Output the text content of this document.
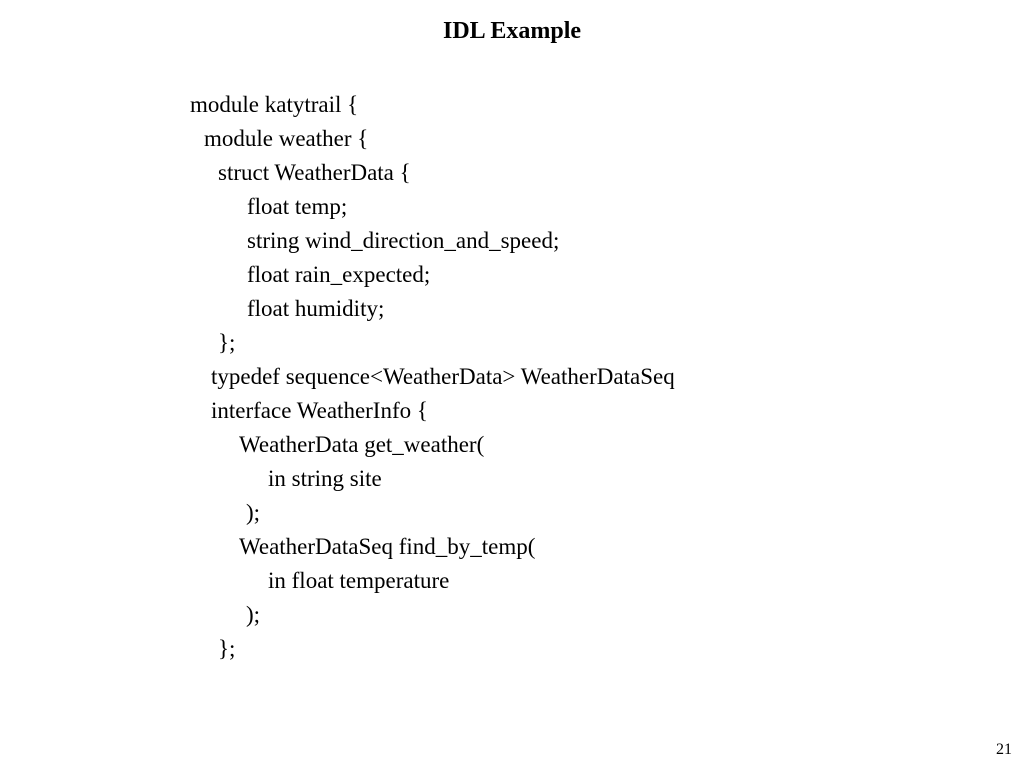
IDL Example
module katytrail {
module weather {
struct WeatherData {
float temp;
string wind_direction_and_speed;
float rain_expected;
float humidity;
};
typedef sequence<WeatherData> WeatherDataSeq
interface WeatherInfo {
WeatherData get_weather(
in string site
);
WeatherDataSeq find_by_temp(
in float temperature
);
};
21
